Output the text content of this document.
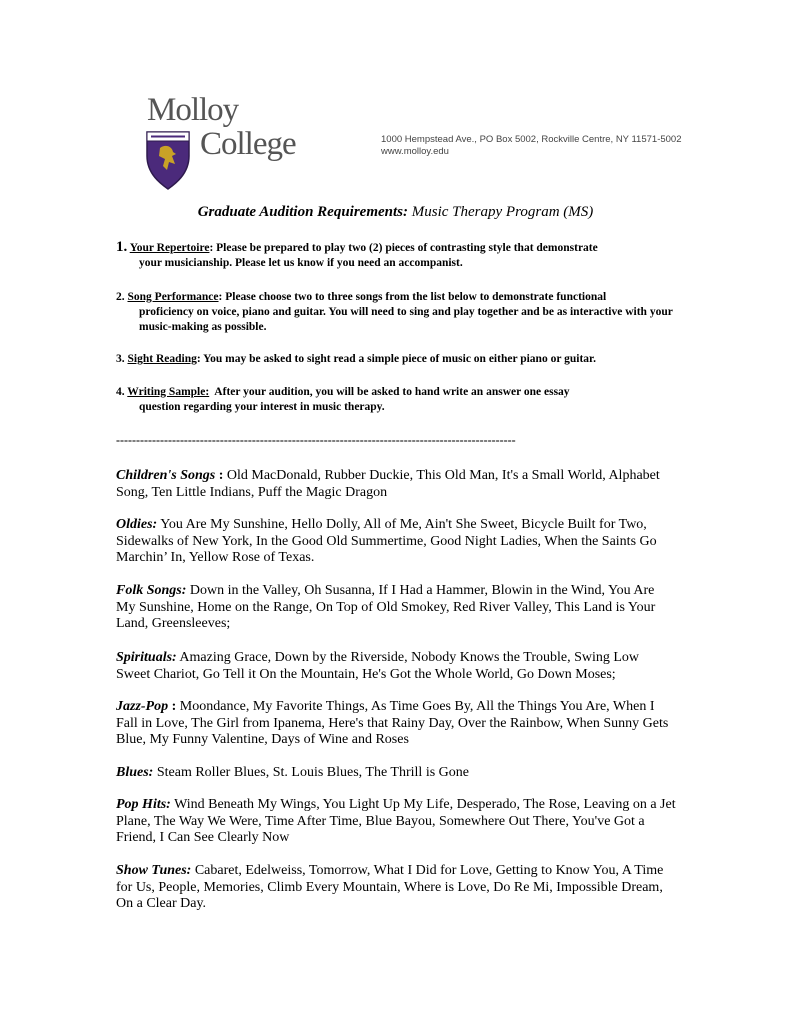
Molloy
College	1000 Hempstead Ave., PO Box 5002, Rockville Centre, NY 11571-5002
www.molloy.edu
Graduate Audition Requirements: Music Therapy Program (MS)
1. Your Repertoire: Please be prepared to play two (2) pieces of contrasting style that demonstrate
your musicianship. Please let us know if you need an accompanist.
2. Song Performance: Please choose two to three songs from the list below to demonstrate functional
proficiency on voice, piano and guitar. You will need to sing and play together and be as interactive with your music-making as possible.
3. Sight Reading: You may be asked to sight read a simple piece of music on either piano or guitar.
4. Writing Sample:  After your audition, you will be asked to hand write an answer one essay
question regarding your interest in music therapy.
----------------------------------------------------------------------------------------------------
Children's Songs : Old MacDonald, Rubber Duckie, This Old Man, It's a Small World, Alphabet Song, Ten Little Indians, Puff the Magic Dragon
Oldies: You Are My Sunshine, Hello Dolly, All of Me, Ain't She Sweet, Bicycle Built for Two, Sidewalks of New York, In the Good Old Summertime, Good Night Ladies, When the Saints Go Marchin’ In, Yellow Rose of Texas.
Folk Songs: Down in the Valley, Oh Susanna, If I Had a Hammer, Blowin in the Wind, You Are My Sunshine, Home on the Range, On Top of Old Smokey, Red River Valley, This Land is Your Land, Greensleeves;
Spirituals: Amazing Grace, Down by the Riverside, Nobody Knows the Trouble, Swing Low Sweet Chariot, Go Tell it On the Mountain, He's Got the Whole World, Go Down Moses;
Jazz-Pop : Moondance, My Favorite Things, As Time Goes By, All the Things You Are, When I Fall in Love, The Girl from Ipanema, Here's that Rainy Day, Over the Rainbow, When Sunny Gets Blue, My Funny Valentine, Days of Wine and Roses
Blues: Steam Roller Blues, St. Louis Blues, The Thrill is Gone
Pop Hits: Wind Beneath My Wings, You Light Up My Life, Desperado, The Rose, Leaving on a Jet Plane, The Way We Were, Time After Time, Blue Bayou, Somewhere Out There, You've Got a Friend, I Can See Clearly Now
Show Tunes: Cabaret, Edelweiss, Tomorrow, What I Did for Love, Getting to Know You, A Time for Us, People, Memories, Climb Every Mountain, Where is Love, Do Re Mi, Impossible Dream, On a Clear Day.
